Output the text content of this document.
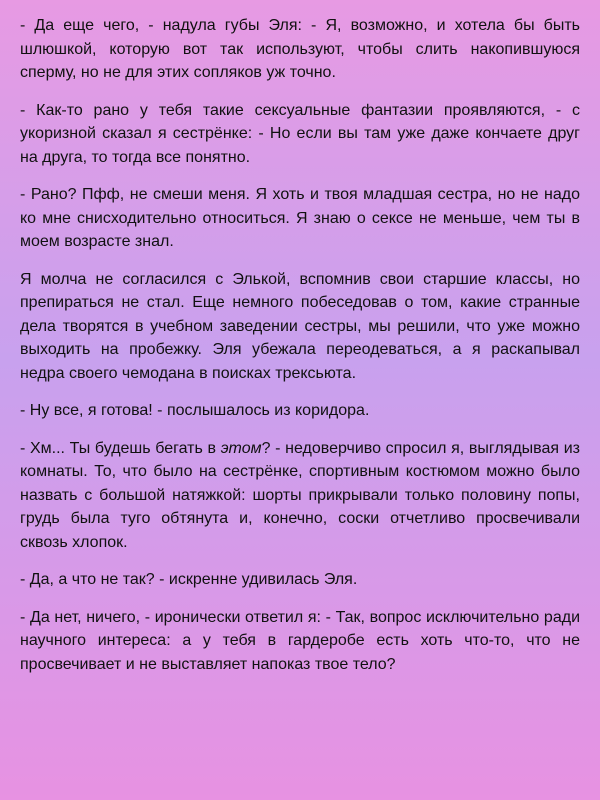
- Да еще чего, - надула губы Эля: - Я, возможно, и хотела бы быть шлюшкой, которую вот так используют, чтобы слить накопившуюся сперму, но не для этих сопляков уж точно.

- Как-то рано у тебя такие сексуальные фантазии проявляются, - с укоризной сказал я сестрёнке: - Но если вы там уже даже кончаете друг на друга, то тогда все понятно.

- Рано? Пфф, не смеши меня. Я хоть и твоя младшая сестра, но не надо ко мне снисходительно относиться. Я знаю о сексе не меньше, чем ты в моем возрасте знал.

Я молча не согласился с Элькой, вспомнив свои старшие классы, но препираться не стал. Еще немного побеседовав о том, какие странные дела творятся в учебном заведении сестры, мы решили, что уже можно выходить на пробежку. Эля убежала переодеваться, а я раскапывал недра своего чемодана в поисках трексьюта.

- Ну все, я готова! - послышалось из коридора.

- Хм... Ты будешь бегать в этом? - недоверчиво спросил я, выглядывая из комнаты. То, что было на сестрёнке, спортивным костюмом можно было назвать с большой натяжкой: шорты прикрывали только половину попы, грудь была туго обтянута и, конечно, соски отчетливо просвечивали сквозь хлопок.

- Да, а что не так? - искренне удивилась Эля.

- Да нет, ничего, - иронически ответил я: - Так, вопрос исключительно ради научного интереса: а у тебя в гардеробе есть хоть что-то, что не просвечивает и не выставляет напоказ твое тело?
